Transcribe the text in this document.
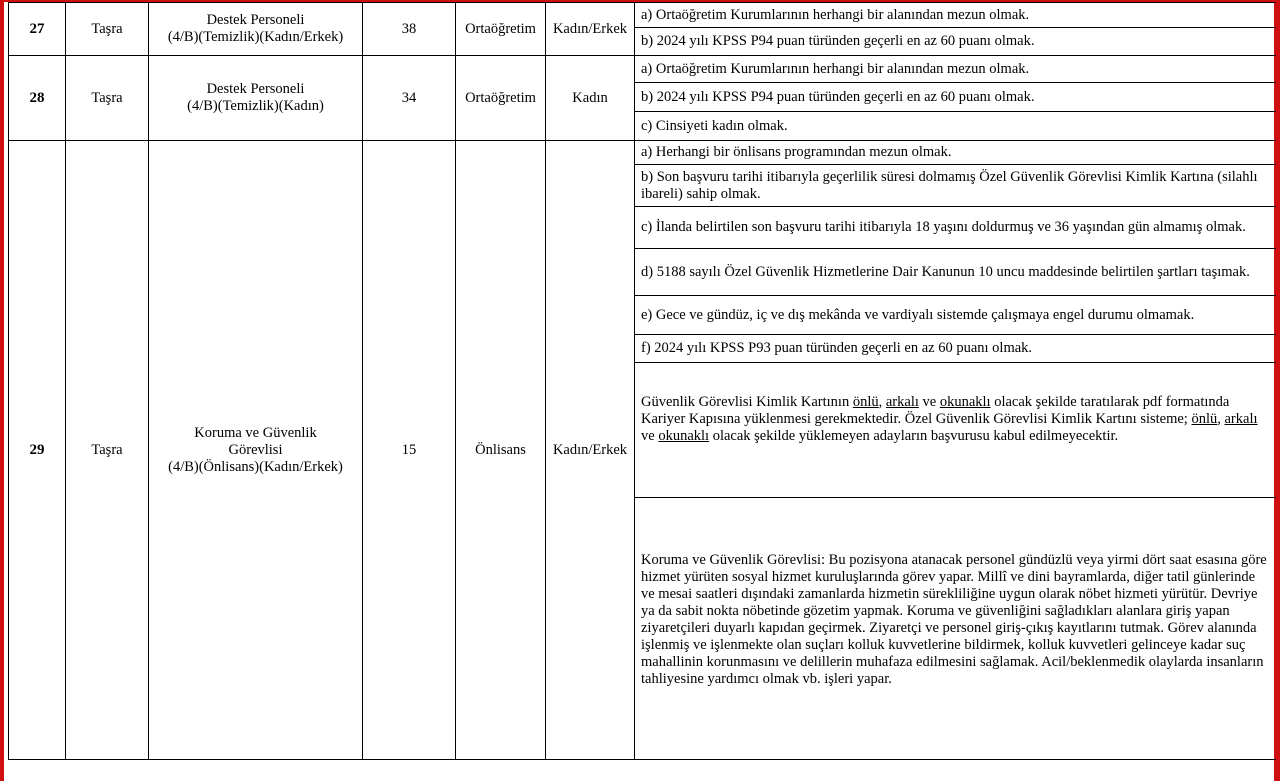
27	Taşra	Destek Personeli
(4/B)(Temizlik)(Kadın/Erkek)	38	Ortaöğretim	Kadın/Erkek	a) Ortaöğretim Kurumlarının herhangi bir alanından mezun olmak.
						b) 2024 yılı KPSS P94 puan türünden geçerli en az 60 puanı olmak.
28	Taşra	Destek Personeli
(4/B)(Temizlik)(Kadın)	34	Ortaöğretim	Kadın	a) Ortaöğretim Kurumlarının herhangi bir alanından mezun olmak.
						b) 2024 yılı KPSS P94 puan türünden geçerli en az 60 puanı olmak.
						c) Cinsiyeti kadın olmak.
29	Taşra	Koruma ve Güvenlik
Görevlisi
(4/B)(Önlisans)(Kadın/Erkek)	15	Önlisans	Kadın/Erkek	a) Herhangi bir önlisans programından mezun olmak.
						b) Son başvuru tarihi itibarıyla geçerlilik süresi dolmamış Özel Güvenlik Görevlisi Kimlik Kartına (silahlı ibareli) sahip olmak.
						c) İlanda belirtilen son başvuru tarihi itibarıyla 18 yaşını doldurmuş ve 36 yaşından gün almamış olmak.
						d) 5188 sayılı Özel Güvenlik Hizmetlerine Dair Kanunun 10 uncu maddesinde belirtilen şartları taşımak.
						e) Gece ve gündüz, iç ve dış mekânda ve vardiyalı sistemde çalışmaya engel durumu olmamak.
						f) 2024 yılı KPSS P93 puan türünden geçerli en az 60 puanı olmak.
						Güvenlik Görevlisi Kimlik Kartının önlü, arkalı ve okunaklı olacak şekilde taratılarak pdf formatında Kariyer Kapısına yüklenmesi gerekmektedir. Özel Güvenlik Görevlisi Kimlik Kartını sisteme; önlü, arkalı ve okunaklı olacak şekilde yüklemeyen adayların başvurusu kabul edilmeyecektir.
						Koruma ve Güvenlik Görevlisi: Bu pozisyona atanacak personel gündüzlü veya yirmi dört saat esasına göre hizmet yürüten sosyal hizmet kuruluşlarında görev yapar. Millî ve dini bayramlarda, diğer tatil günlerinde ve mesai saatleri dışındaki zamanlarda hizmetin sürekliliğine uygun olarak nöbet hizmeti yürütür. Devriye ya da sabit nokta nöbetinde gözetim yapmak. Koruma ve güvenliğini sağladıkları alanlara giriş yapan ziyaretçileri duyarlı kapıdan geçirmek. Ziyaretçi ve personel giriş-çıkış kayıtlarını tutmak. Görev alanında işlenmiş ve işlenmekte olan suçları kolluk kuvvetlerine bildirmek, kolluk kuvvetleri gelinceye kadar suç mahallinin korunmasını ve delillerin muhafaza edilmesini sağlamak. Acil/beklenmedik olaylarda insanların tahliyesine yardımcı olmak vb. işleri yapar.
